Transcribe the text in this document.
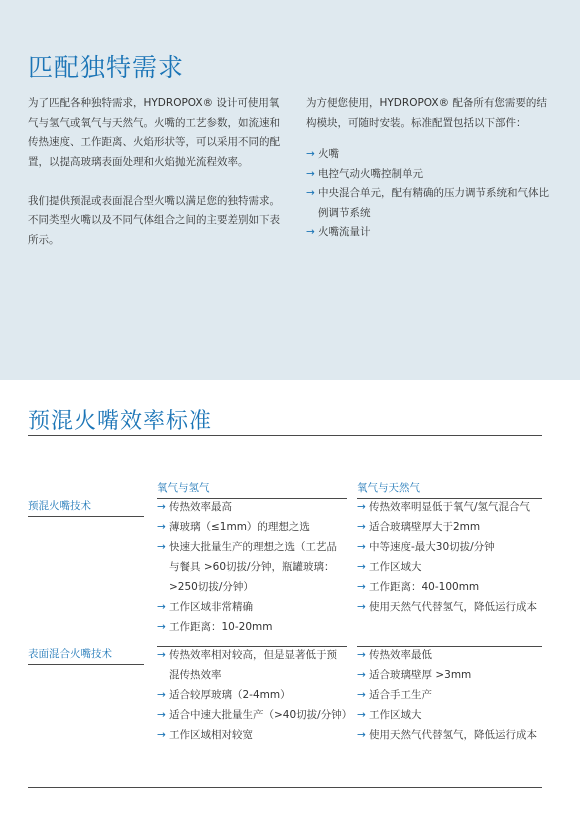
匹配独特需求

为了匹配各种独特需求，HYDROPOX® 设计可使用氧气与氢气或氧气与天然气。火嘴的工艺参数，如流速和传热速度、工作距离、火焰形状等，可以采用不同的配置，以提高玻璃表面处理和火焰抛光流程效率。

我们提供预混或表面混合型火嘴以满足您的独特需求。不同类型火嘴以及不同气体组合之间的主要差别如下表所示。

为方便您使用，HYDROPOX® 配备所有您需要的结构模块，可随时安装。标准配置包括以下部件：

→ 火嘴
→ 电控气动火嘴控制单元
→ 中央混合单元，配有精确的压力调节系统和气体比例调节系统
→ 火嘴流量计
预混火嘴效率标准
氧气与氢气	氧气与天然气
预混火嘴技术
表面混合火嘴技术
→ 传热效率最高
→ 薄玻璃（≤1mm）的理想之选
→ 快速大批量生产的理想之选（工艺品与餐具 >60切拔/分钟，瓶罐玻璃：>250切拔/分钟）
→ 工作区域非常精确
→ 工作距离：10-20mm
→ 传热效率明显低于氧气/氢气混合气
→ 适合玻璃壁厚大于2mm
→ 中等速度-最大30切拔/分钟
→ 工作区域大
→ 工作距离：40-100mm
→ 使用天然气代替氢气，降低运行成本
→ 传热效率相对较高，但是显著低于预混传热效率
→ 适合较厚玻璃（2-4mm）
→ 适合中速大批量生产（>40切拔/分钟）
→ 工作区域相对较宽
→ 传热效率最低
→ 适合玻璃壁厚 >3mm
→ 适合手工生产
→ 工作区域大
→ 使用天然气代替氢气，降低运行成本
